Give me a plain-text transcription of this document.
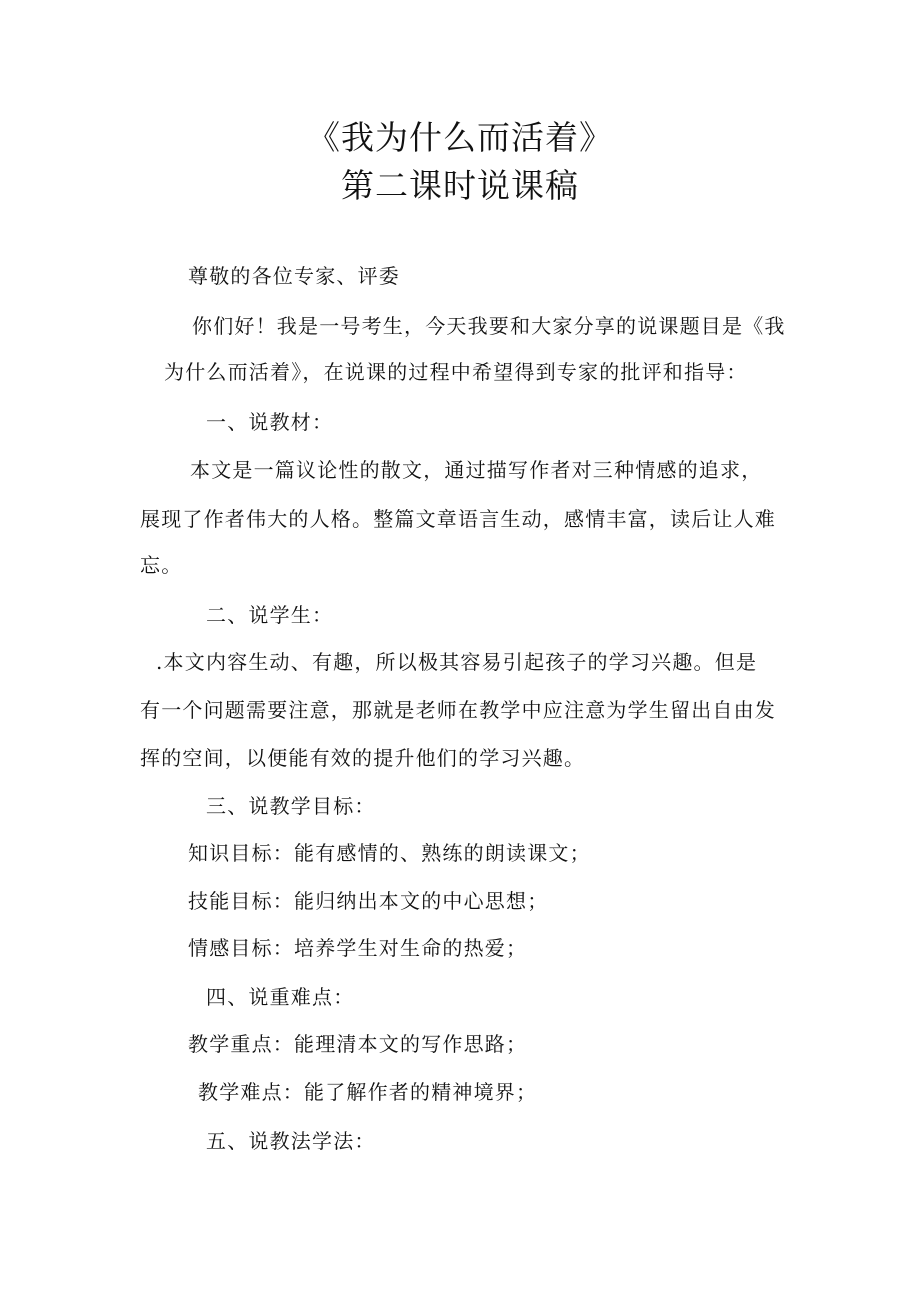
《我为什么而活着》
第二课时说课稿
尊敬的各位专家、评委
你们好！我是一号考生，今天我要和大家分享的说课题目是《我
为什么而活着》，在说课的过程中希望得到专家的批评和指导：
一、说教材：
本文是一篇议论性的散文，通过描写作者对三种情感的追求，
展现了作者伟大的人格。整篇文章语言生动，感情丰富，读后让人难
忘。
二、说学生：
.本文内容生动、有趣，所以极其容易引起孩子的学习兴趣。但是
有一个问题需要注意，那就是老师在教学中应注意为学生留出自由发
挥的空间，以便能有效的提升他们的学习兴趣。
三、说教学目标：
知识目标：能有感情的、熟练的朗读课文；
技能目标：能归纳出本文的中心思想；
情感目标：培养学生对生命的热爱；
四、说重难点：
教学重点：能理清本文的写作思路；
教学难点：能了解作者的精神境界；
五、说教法学法：
